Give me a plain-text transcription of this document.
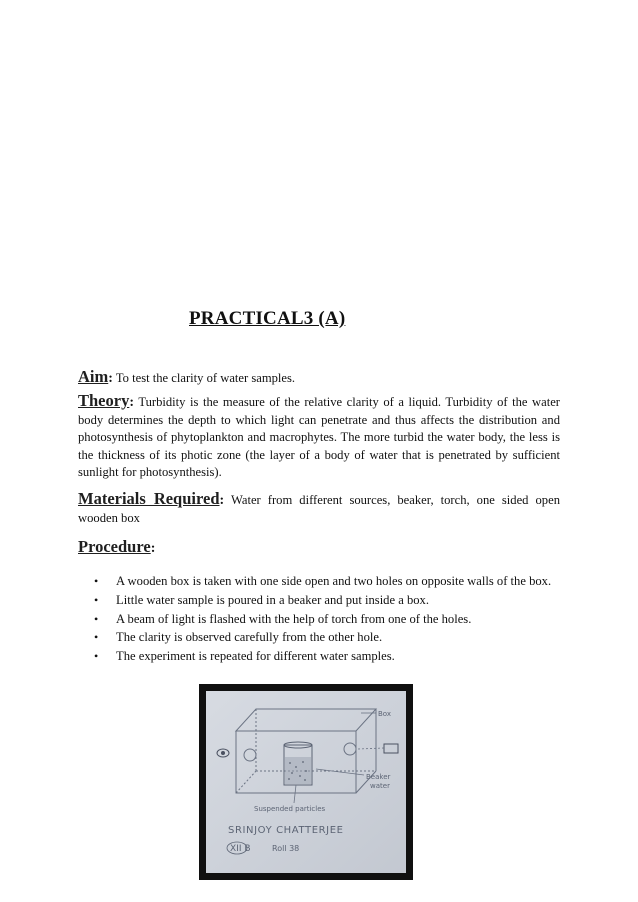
PRACTICAL3 (A)
Aim: To test the clarity of water samples.
Theory: Turbidity is the measure of the relative clarity of a liquid. Turbidity of the water body determines the depth to which light can penetrate and thus affects the distribution and photosynthesis of phytoplankton and macrophytes. The more turbid the water body, the less is the thickness of its photic zone (the layer of a body of water that is penetrated by sufficient sunlight for photosynthesis).
Materials Required: Water from different sources, beaker, torch, one sided open wooden box
Procedure:
• A wooden box is taken with one side open and two holes on opposite walls of the box.
• Little water sample is poured in a beaker and put inside a box.
• A beam of light is flashed with the help of torch from one of the holes.
• The clarity is observed carefully from the other hole.
• The experiment is repeated for different water samples.
Box
Beaker
water
Suspended particles
SRINJOY CHATTERJEE
XII B	Roll 38
